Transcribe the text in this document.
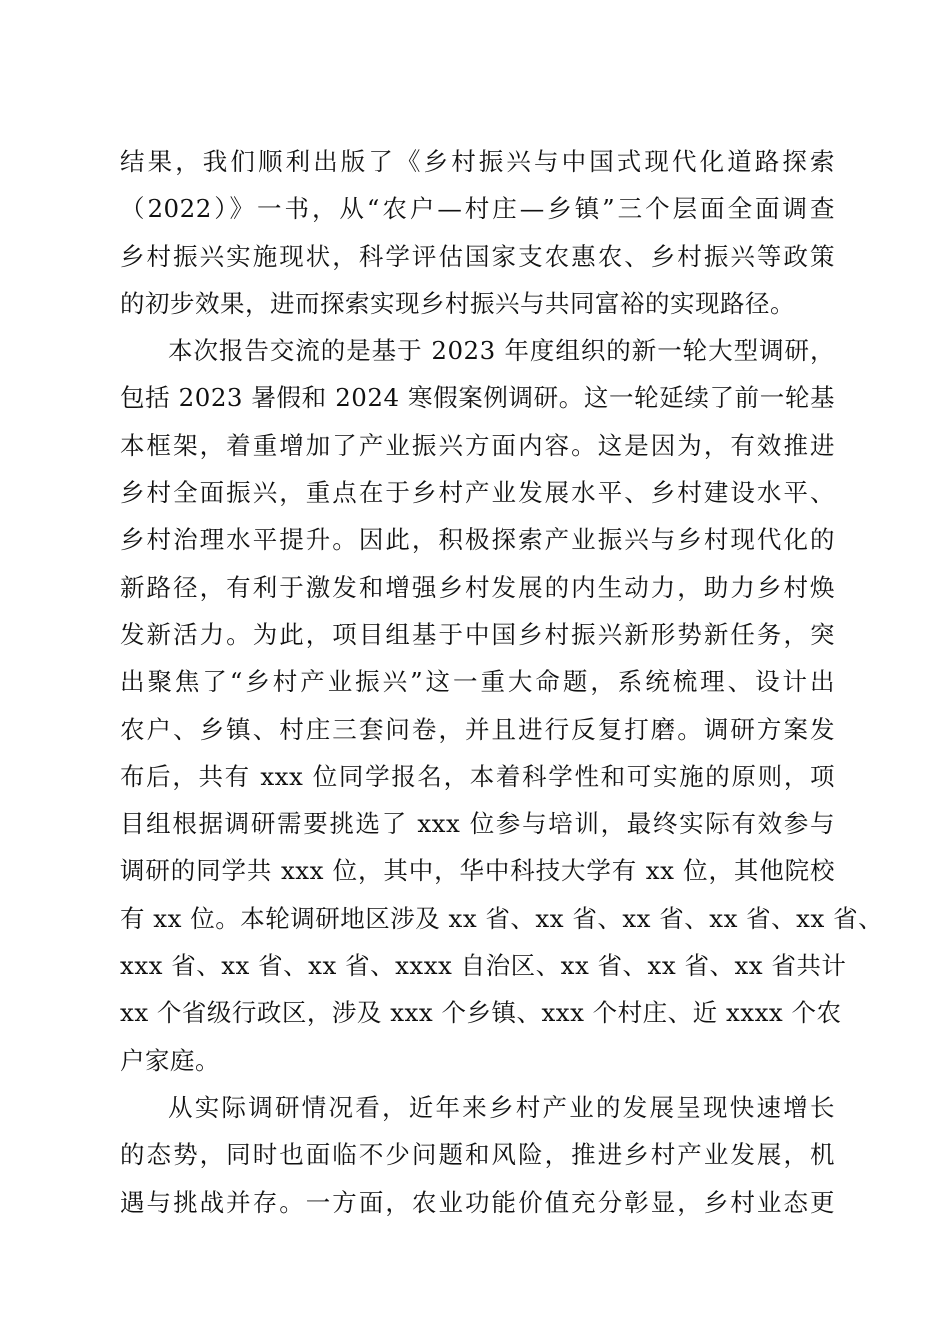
结果，我们顺利出版了《乡村振兴与中国式现代化道路探索
（2022）》一书，从“农户—村庄—乡镇”三个层面全面调查
乡村振兴实施现状，科学评估国家支农惠农、乡村振兴等政策
的初步效果，进而探索实现乡村振兴与共同富裕的实现路径。
本次报告交流的是基于 2023 年度组织的新一轮大型调研，
包括 2023 暑假和 2024 寒假案例调研。这一轮延续了前一轮基
本框架，着重增加了产业振兴方面内容。这是因为，有效推进
乡村全面振兴，重点在于乡村产业发展水平、乡村建设水平、
乡村治理水平提升。因此，积极探索产业振兴与乡村现代化的
新路径，有利于激发和增强乡村发展的内生动力，助力乡村焕
发新活力。为此，项目组基于中国乡村振兴新形势新任务，突
出聚焦了“乡村产业振兴”这一重大命题，系统梳理、设计出
农户、乡镇、村庄三套问卷，并且进行反复打磨。调研方案发
布后，共有 xxx 位同学报名，本着科学性和可实施的原则，项
目组根据调研需要挑选了 xxx 位参与培训，最终实际有效参与
调研的同学共 xxx 位，其中，华中科技大学有 xx 位，其他院校
有 xx 位。本轮调研地区涉及 xx 省、xx 省、xx 省、xx 省、xx 省、
xxx 省、xx 省、xx 省、xxxx 自治区、xx 省、xx 省、xx 省共计
xx 个省级行政区，涉及 xxx 个乡镇、xxx 个村庄、近 xxxx 个农
户家庭。
从实际调研情况看，近年来乡村产业的发展呈现快速增长
的态势，同时也面临不少问题和风险，推进乡村产业发展，机
遇与挑战并存。一方面，农业功能价值充分彰显，乡村业态更
